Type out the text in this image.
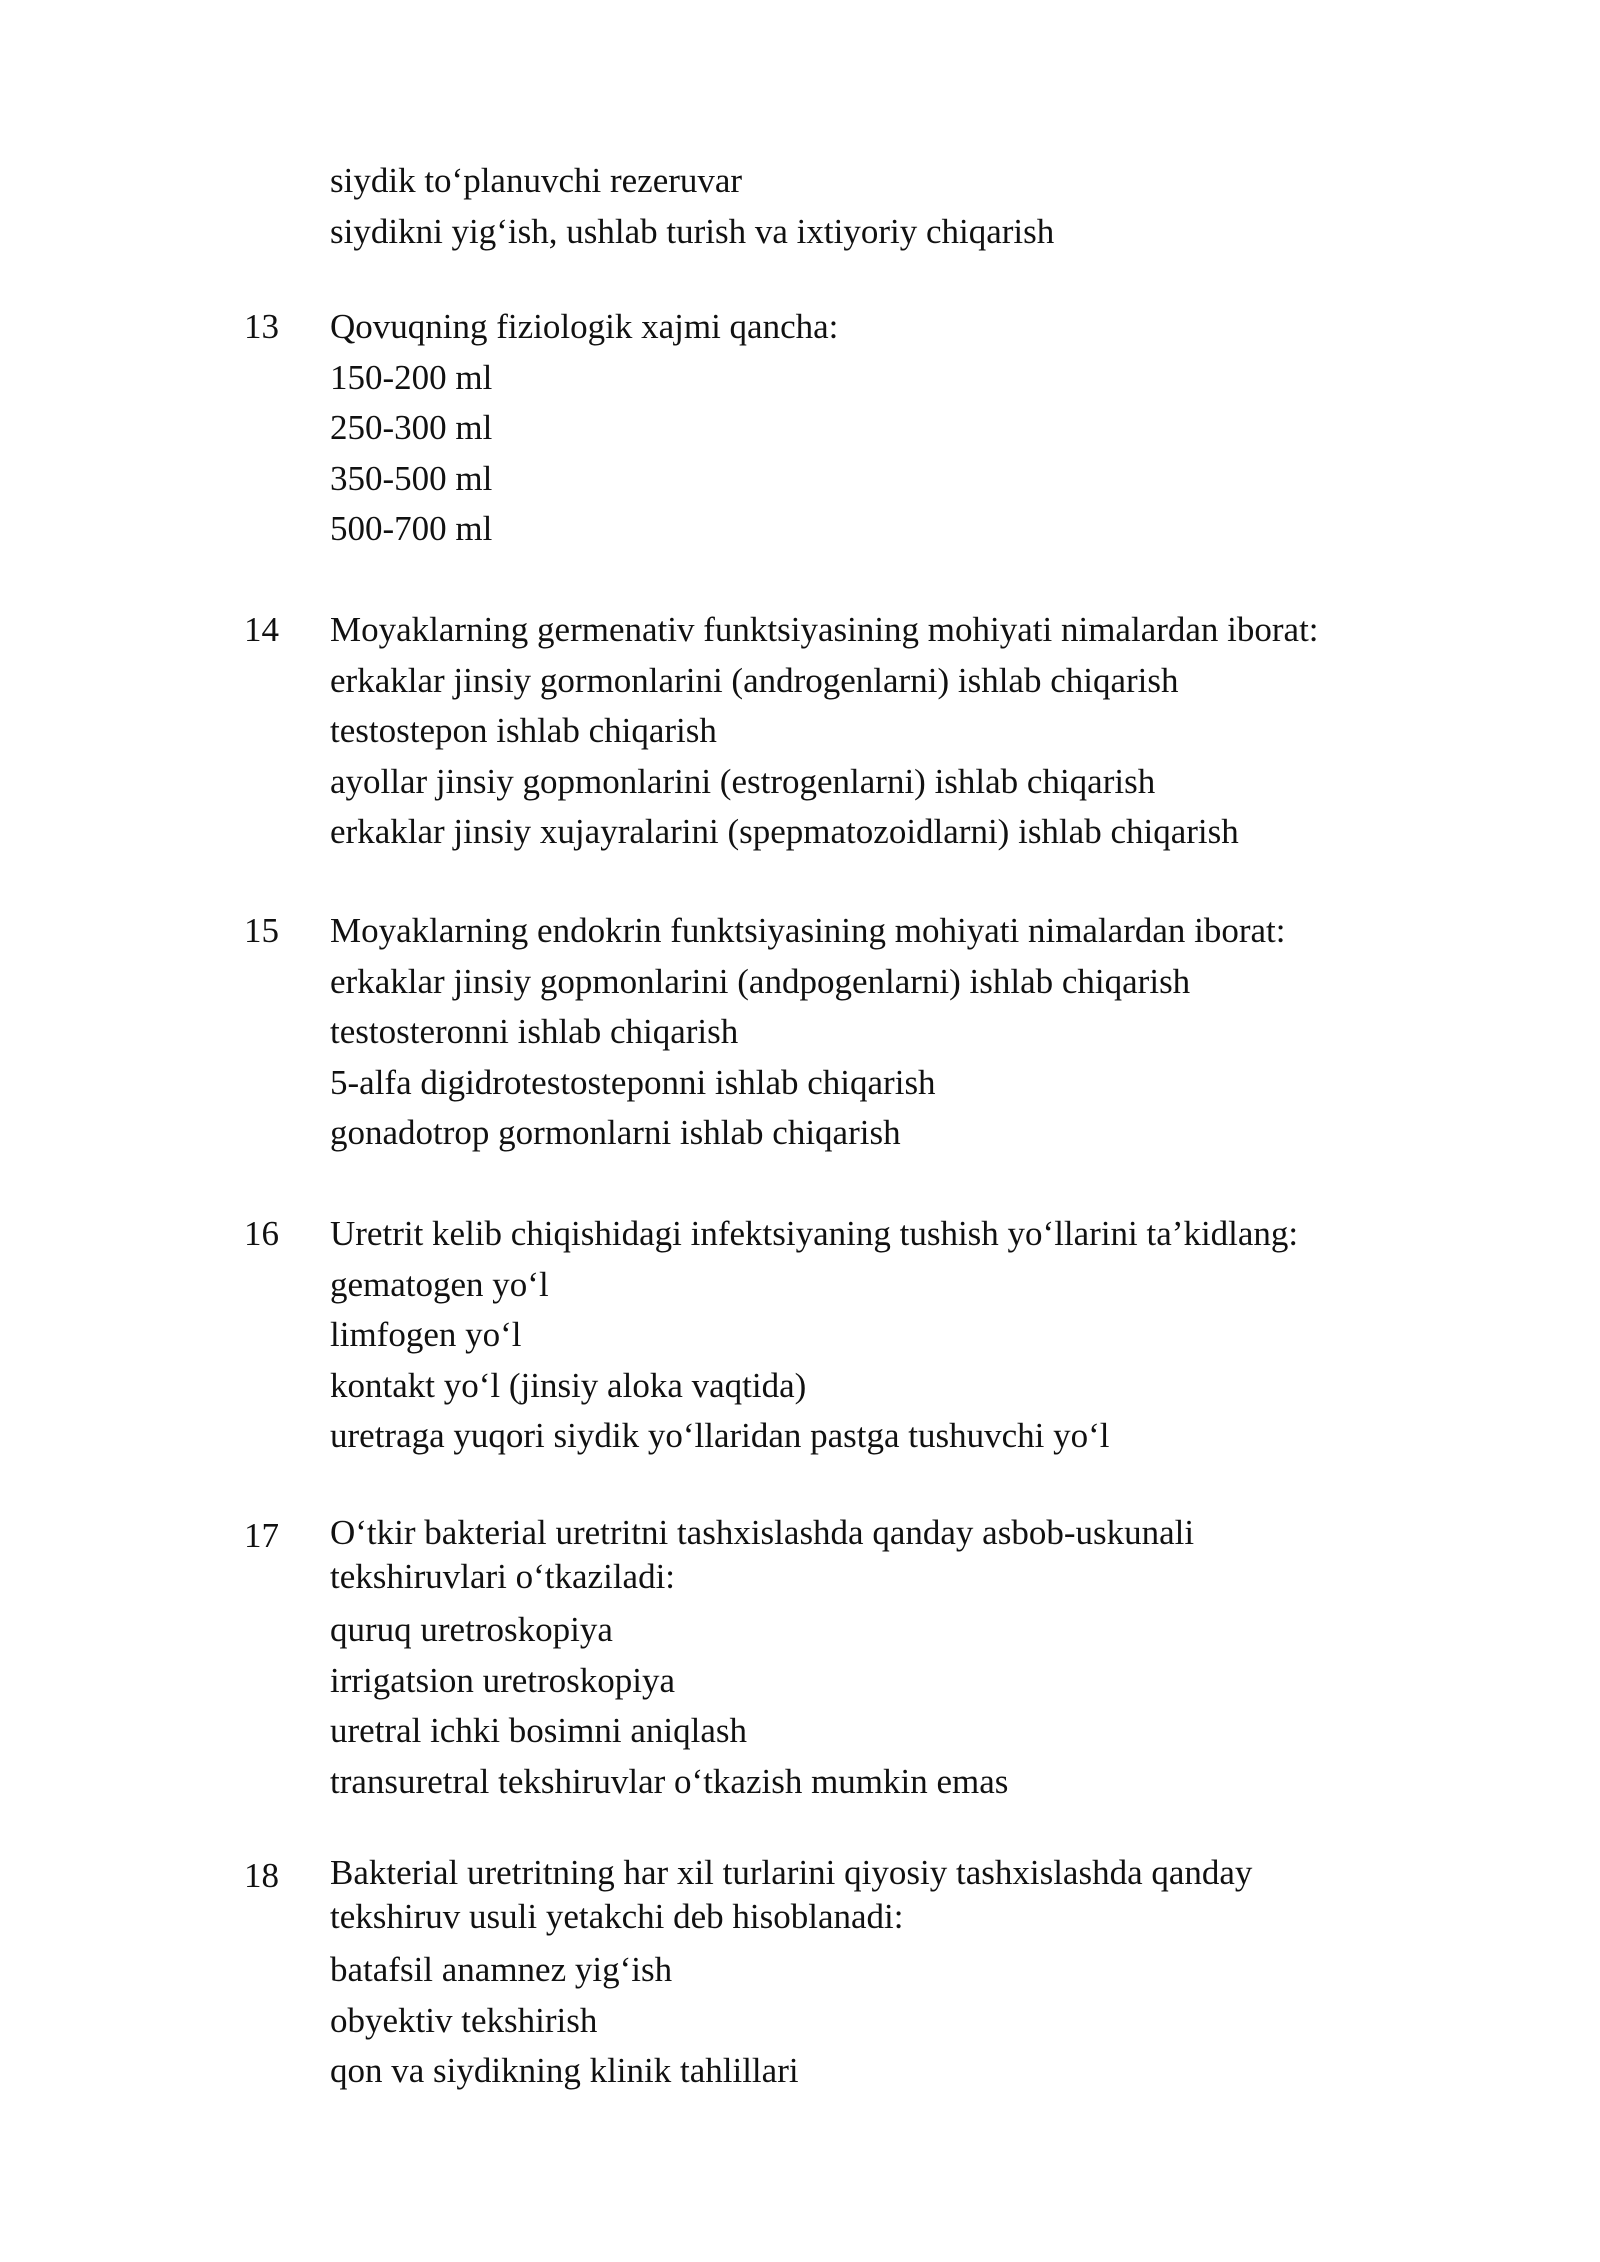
siydik to‘planuvchi rezeruvar
siydikni yig‘ish, ushlab turish va ixtiyoriy chiqarish
13 Qovuqning fiziologik xajmi qancha:
150-200 ml
250-300 ml
350-500 ml
500-700 ml
14 Moyaklarning germenativ funktsiyasining mohiyati nimalardan iborat:
erkaklar jinsiy gormonlarini (androgenlarni) ishlab chiqarish
testostepon ishlab chiqarish
ayollar jinsiy gopmonlarini (estrogenlarni) ishlab chiqarish
erkaklar jinsiy xujayralarini (spepmatozoidlarni) ishlab chiqarish
15 Moyaklarning endokrin funktsiyasining mohiyati nimalardan iborat:
erkaklar jinsiy gopmonlarini (andpogenlarni) ishlab chiqarish
testosteronni ishlab chiqarish
5-alfa digidrotestosteponni ishlab chiqarish
gonadotrop gormonlarni ishlab chiqarish
16 Uretrit kelib chiqishidagi infektsiyaning tushish yo‘llarini ta’kidlang:
gematogen yo‘l
limfogen yo‘l
kontakt yo‘l (jinsiy aloka vaqtida)
uretraga yuqori siydik yo‘llaridan pastga tushuvchi yo‘l
17 O‘tkir bakterial uretritni tashxislashda qanday asbob-uskunali
tekshiruvlari o‘tkaziladi:
quruq uretroskopiya
irrigatsion uretroskopiya
uretral ichki bosimni aniqlash
transuretral tekshiruvlar o‘tkazish mumkin emas
18 Bakterial uretritning har xil turlarini qiyosiy tashxislashda qanday
tekshiruv usuli yetakchi deb hisoblanadi:
batafsil anamnez yig‘ish
obyektiv tekshirish
qon va siydikning klinik tahlillari
